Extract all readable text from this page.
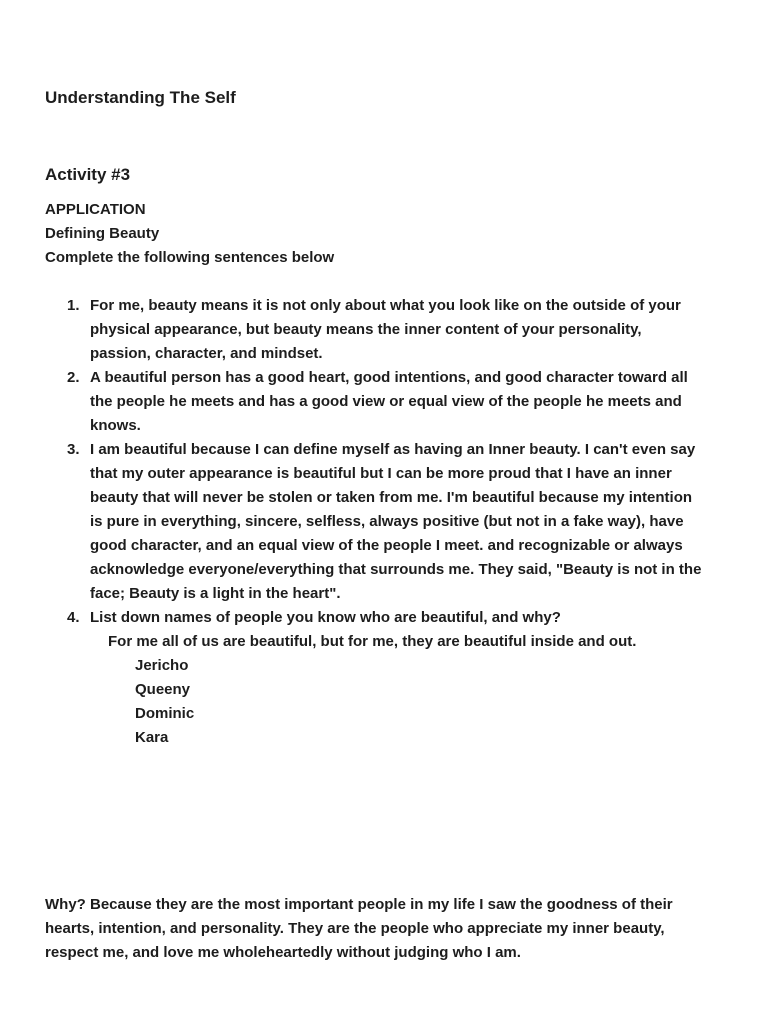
Understanding The Self
Activity #3
APPLICATION
Defining Beauty
Complete the following sentences below
1. For me, beauty means it is not only about what you look like on the outside of your
physical appearance, but beauty means the inner content of your personality,
passion, character, and mindset.
2. A beautiful person has a good heart, good intentions, and good character toward all
the people he meets and has a good view or equal view of the people he meets and
knows.
3. I am beautiful because I can define myself as having an Inner beauty. I can't even say
that my outer appearance is beautiful but I can be more proud that I have an inner
beauty that will never be stolen or taken from me. I'm beautiful because my intention
is pure in everything, sincere, selfless, always positive (but not in a fake way), have
good character, and an equal view of the people I meet. and recognizable or always
acknowledge everyone/everything that surrounds me. They said, "Beauty is not in the
face; Beauty is a light in the heart".
4. List down names of people you know who are beautiful, and why?
For me all of us are beautiful, but for me, they are beautiful inside and out.
Jericho
Queeny
Dominic
Kara
Why? Because they are the most important people in my life I saw the goodness of their
hearts, intention, and personality. They are the people who appreciate my inner beauty,
respect me, and love me wholeheartedly without judging who I am.
